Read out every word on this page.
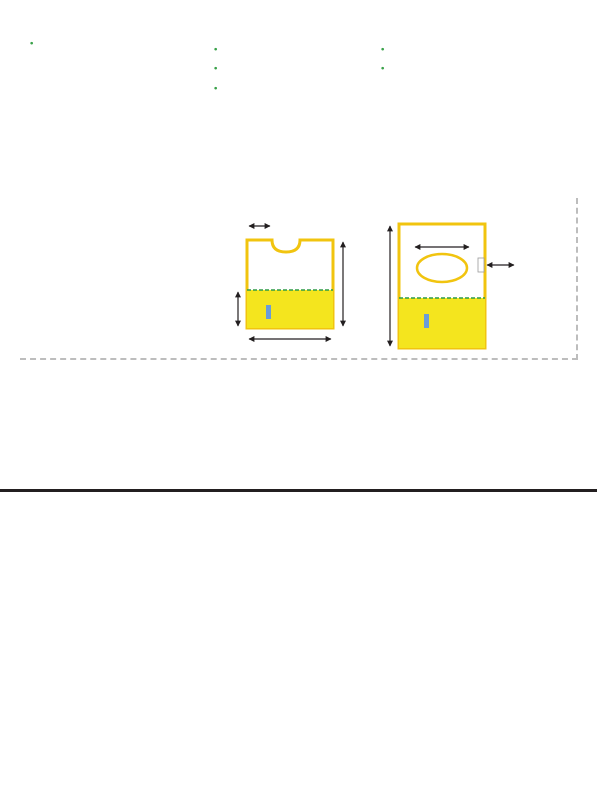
•

•

•

•

•

•
